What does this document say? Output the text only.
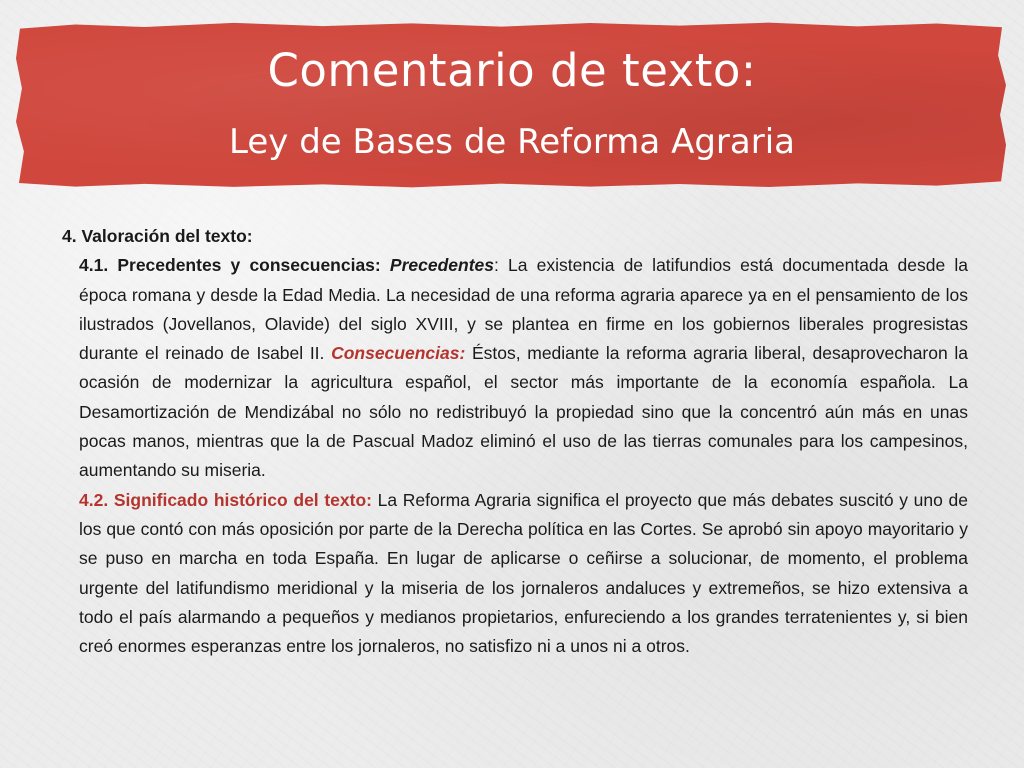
Comentario de texto:
Ley de Bases de Reforma Agraria

4. Valoración del texto:

4.1. Precedentes y consecuencias: Precedentes: La existencia de latifundios está documentada desde la época romana y desde la Edad Media. La necesidad de una reforma agraria aparece ya en el pensamiento de los ilustrados (Jovellanos, Olavide) del siglo XVIII, y se plantea en firme en los gobiernos liberales progresistas durante el reinado de Isabel II. Consecuencias: Éstos, mediante la reforma agraria liberal, desaprovecharon la ocasión de modernizar la agricultura español, el sector más importante de la economía española. La Desamortización de Mendizábal no sólo no redistribuyó la propiedad sino que la concentró aún más en unas pocas manos, mientras que la de Pascual Madoz eliminó el uso de las tierras comunales para los campesinos, aumentando su miseria.

4.2. Significado histórico del texto: La Reforma Agraria significa el proyecto que más debates suscitó y uno de los que contó con más oposición por parte de la Derecha política en las Cortes. Se aprobó sin apoyo mayoritario y se puso en marcha en toda España. En lugar de aplicarse o ceñirse a solucionar, de momento, el problema urgente del latifundismo meridional y la miseria de los jornaleros andaluces y extremeños, se hizo extensiva a todo el país alarmando a pequeños y medianos propietarios, enfureciendo a los grandes terratenientes y, si bien creó enormes esperanzas entre los jornaleros, no satisfizo ni a unos ni a otros.
